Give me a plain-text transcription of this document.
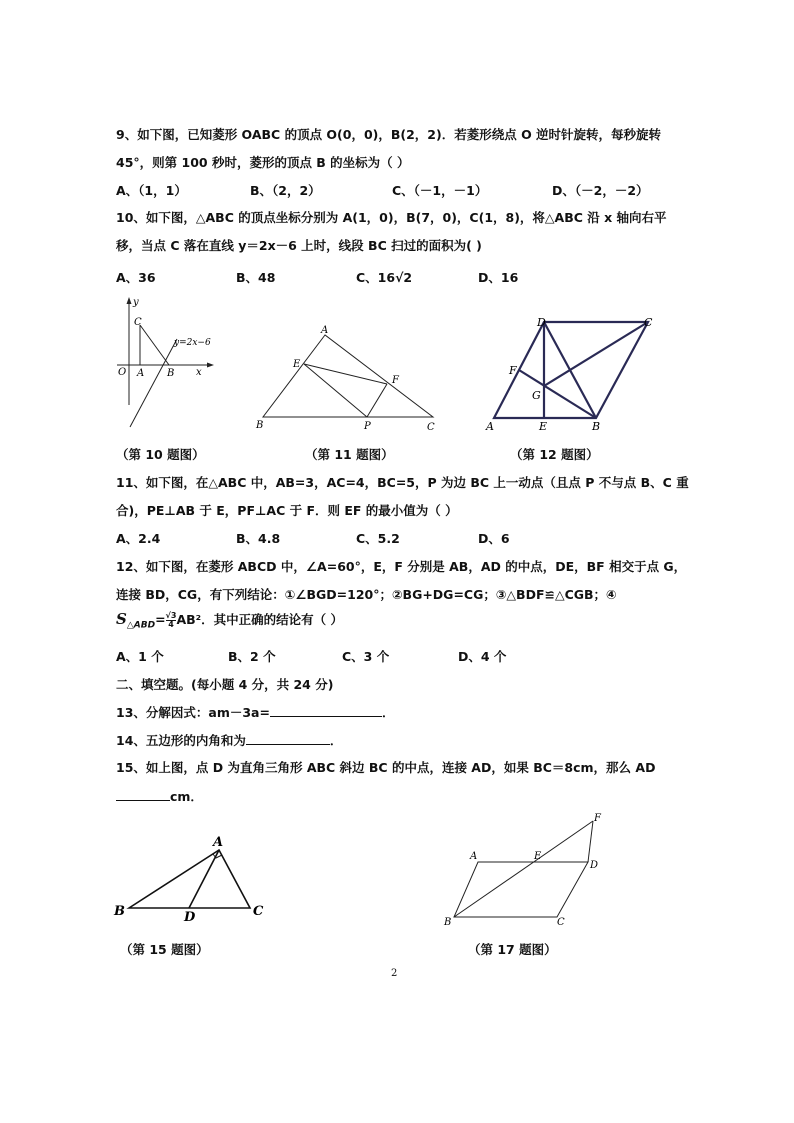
9、如下图，已知菱形 OABC 的顶点 O(0，0)，B(2，2)．若菱形绕点 O 逆时针旋转，每秒旋转
45°，则第 100 秒时，菱形的顶点 B 的坐标为（ ）
A、（1，1）	B、（2，2）	C、（－1，－1）	D、（－2，－2）
10、如下图，△ABC 的顶点坐标分别为 A(1，0)，B(7，0)，C(1，8)，将△ABC 沿 x 轴向右平
移，当点 C 落在直线 y＝2x－6 上时，线段 BC 扫过的面积为( )
A、36	B、48	C、16√2	D、16
y
C
y=2x−6
O A B x
A
E
F
B	P	C
D	C
F
G
A	E	B
（第 10 题图）	（第 11 题图）	（第 12 题图）
11、如下图，在△ABC 中，AB=3，AC=4，BC=5，P 为边 BC 上一动点（且点 P 不与点 B、C 重
合)，PE⊥AB 于 E，PF⊥AC 于 F．则 EF 的最小值为（ ）
A、2.4	B、4.8	C、5.2	D、6
12、如下图，在菱形 ABCD 中，∠A=60°，E，F 分别是 AB，AD 的中点，DE，BF 相交于点 G，
连接 BD，CG，有下列结论：①∠BGD=120°；②BG+DG=CG；③△BDF≌△CGB；④
$S_{\triangle ABD}= \frac{√3}{4} AB^2$．其中正确的结论有（ ）
A、1 个	B、2 个	C、3 个	D、4 个
二、填空题。(每小题 4 分，共 24 分)
13、分解因式：am－3a=	．
14、五边形的内角和为	．
15、如上图，点 D 为直角三角形 ABC 斜边 BC 的中点，连接 AD，如果 BC＝8cm，那么 AD
cm．
A
B	D	C
（第 15 题图）
F
A	E
D
B	C
（第 17 题图）
2
